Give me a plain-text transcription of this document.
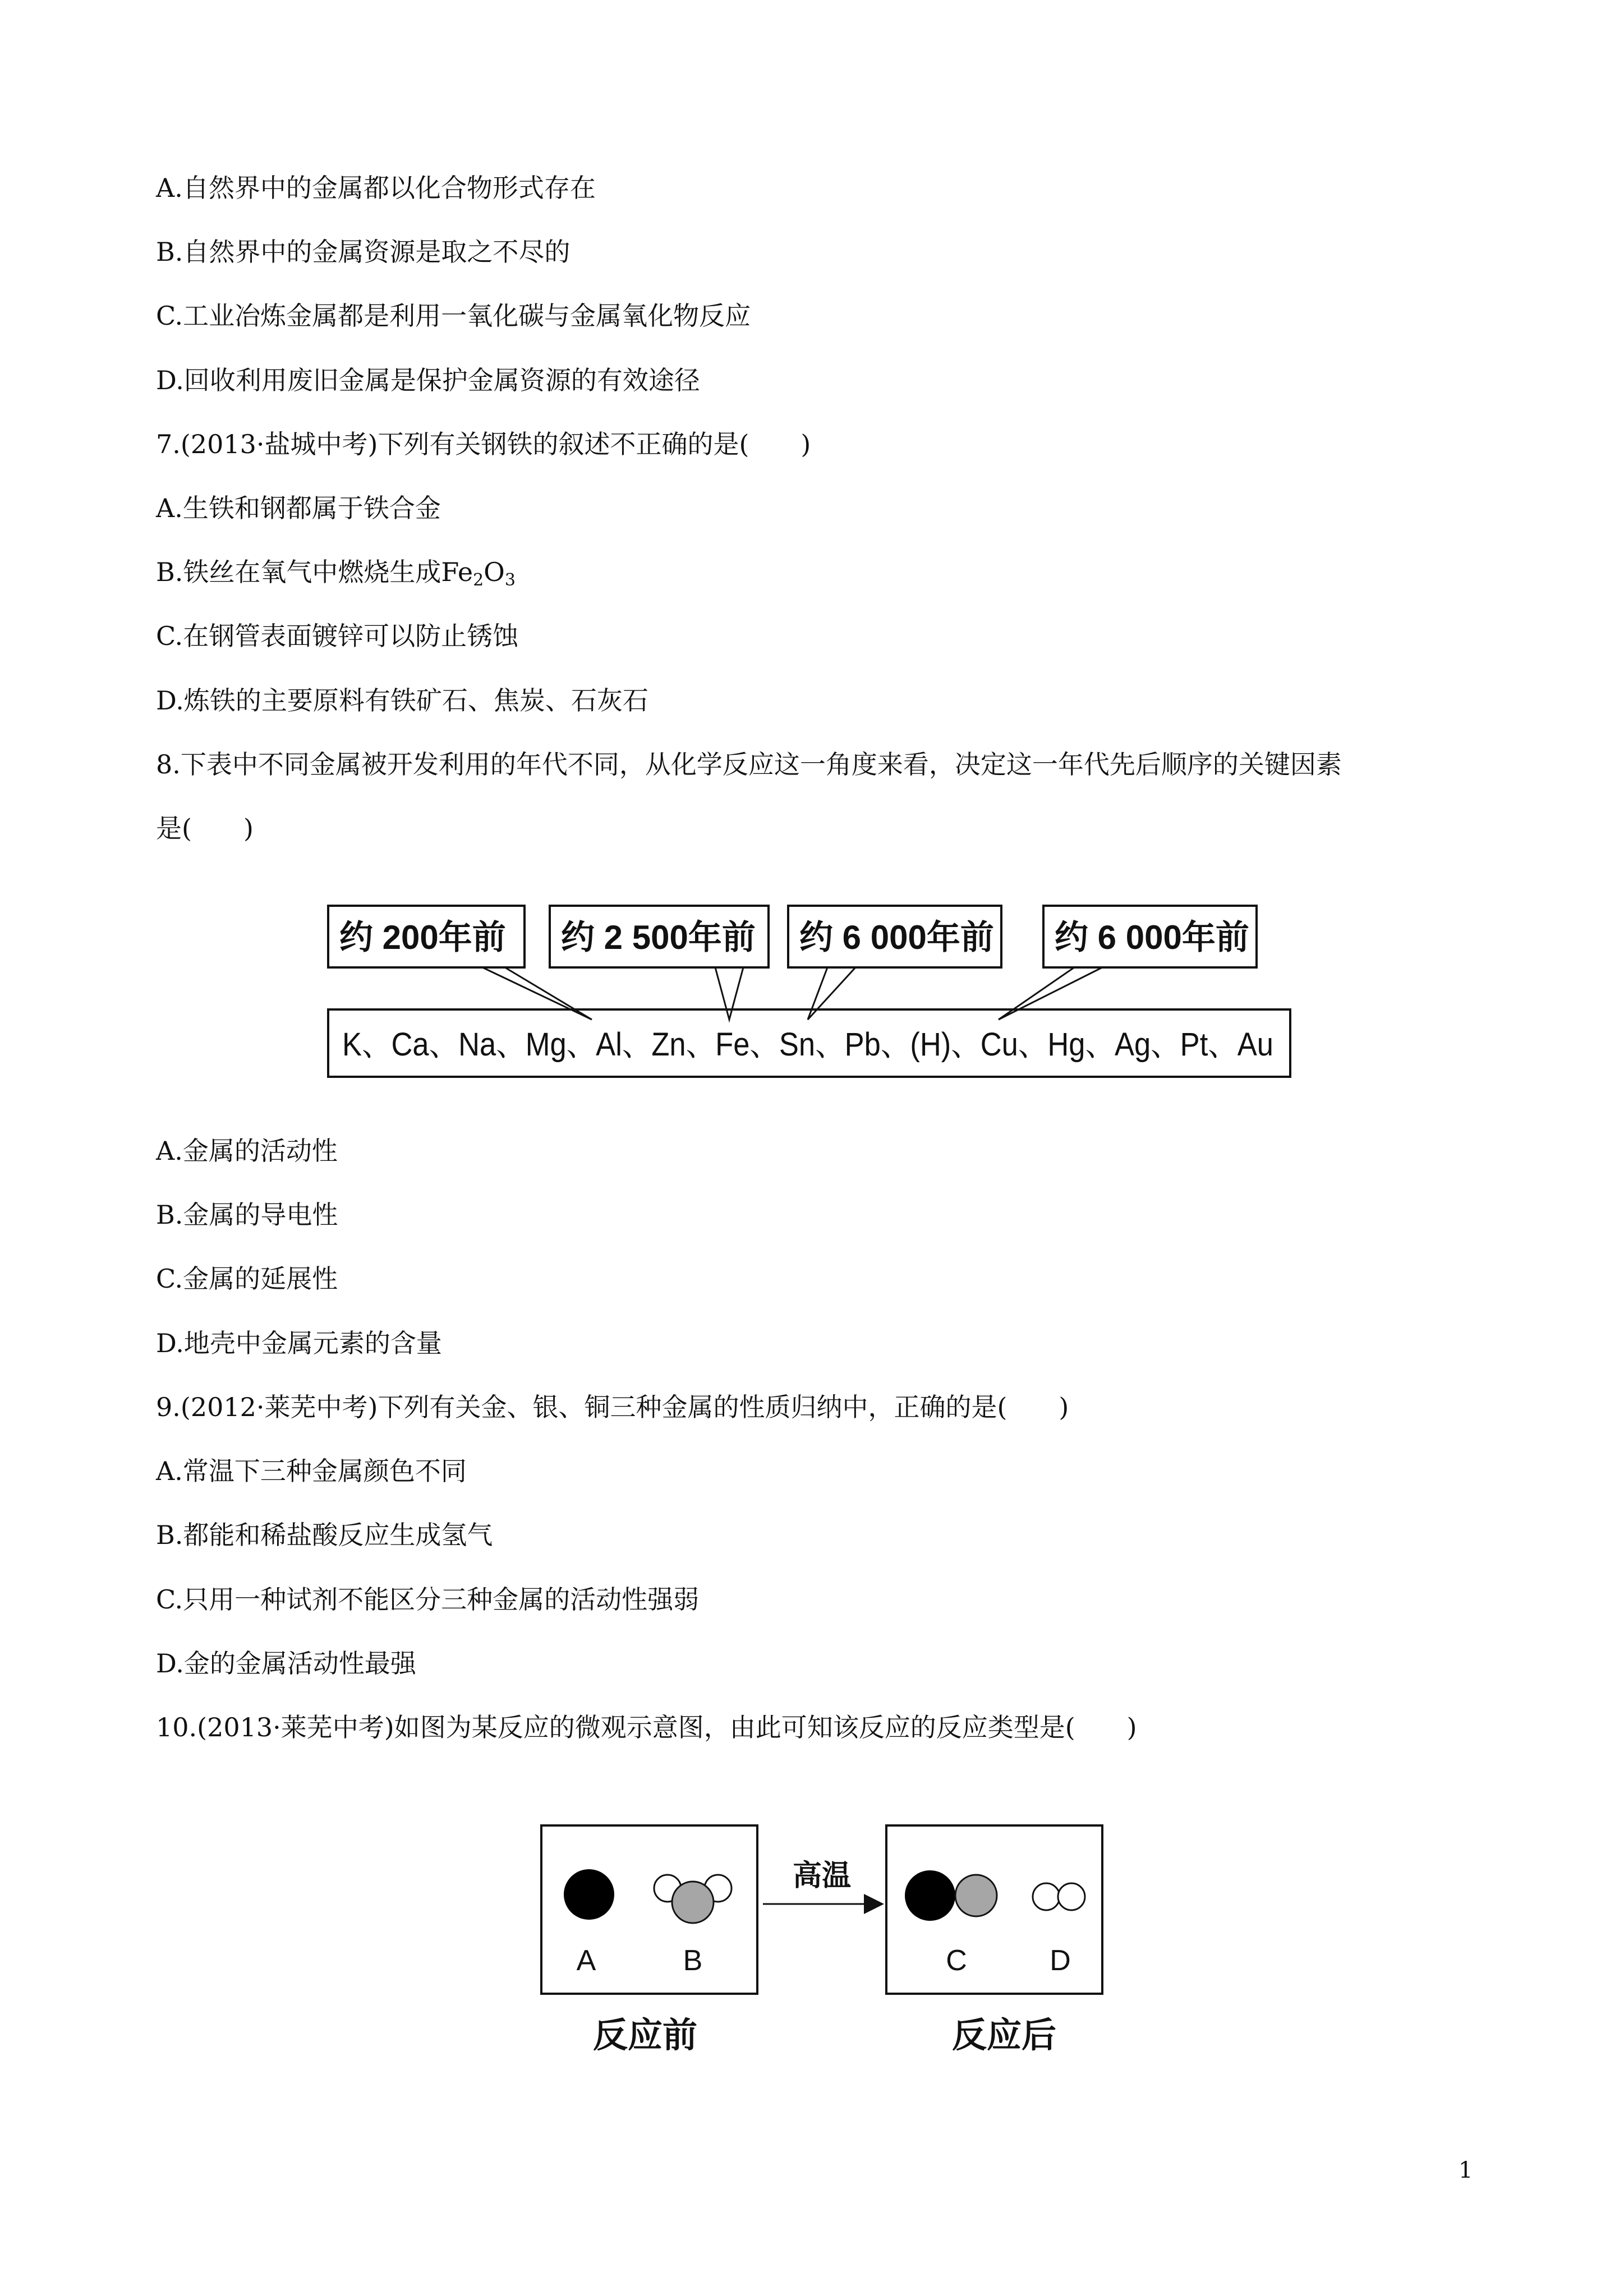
A.自然界中的金属都以化合物形式存在
B.自然界中的金属资源是取之不尽的
C.工业冶炼金属都是利用一氧化碳与金属氧化物反应
D.回收利用废旧金属是保护金属资源的有效途径
7.(2013·盐城中考)下列有关钢铁的叙述不正确的是(　　)
A.生铁和钢都属于铁合金
B.铁丝在氧气中燃烧生成$Fe_2O_3$
C.在钢管表面镀锌可以防止锈蚀
D.炼铁的主要原料有铁矿石、焦炭、石灰石
8.下表中不同金属被开发利用的年代不同，从化学反应这一角度来看，决定这一年代先后顺序的关键因素
是(　　)
约 200年前 约 2 500年前 约 6 000年前 约 6 000年前
K、Ca、Na、Mg、Al、Zn、Fe、Sn、Pb、(H)、Cu、Hg、Ag、Pt、Au
A.金属的活动性
B.金属的导电性
C.金属的延展性
D.地壳中金属元素的含量
9.(2012·莱芜中考)下列有关金、银、铜三种金属的性质归纳中，正确的是(　　)
A.常温下三种金属颜色不同
B.都能和稀盐酸反应生成氢气
C.只用一种试剂不能区分三种金属的活动性强弱
D.金的金属活动性最强
10.(2013·莱芜中考)如图为某反应的微观示意图，由此可知该反应的反应类型是(　　)
高温
A	B	C	D
反应前	反应后
1
